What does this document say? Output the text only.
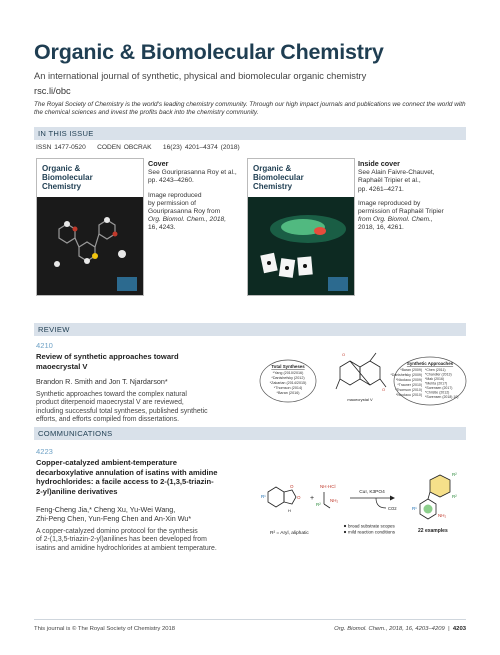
Organic & Biomolecular Chemistry
An international journal of synthetic, physical and biomolecular organic chemistry
rsc.li/obc
The Royal Society of Chemistry is the world's leading chemistry community. Through our high impact journals and publications we connect the world with the chemical sciences and invest the profits back into the chemistry community.
IN THIS ISSUE
ISSN 1477-0520 CODEN OBCRAK 16(23) 4201–4374 (2018)
Organic &
Biomolecular
Chemistry
Cover
See Gouriprasanna Roy et al.,
pp. 4243–4260.
Image reproduced
by permission of
Gouriprasanna Roy from
Org. Biomol. Chem., 2018,
16, 4243.
Organic &
Biomolecular
Chemistry
Inside cover
See Alain Faivre-Chauvet,
Raphaël Tripier et al.,
pp. 4261–4271.
Image reproduced by
permission of Raphaël Tripier
from Org. Biomol. Chem.,
2018, 16, 4261.
REVIEW
4210
Review of synthetic approaches toward
maoecrystal V
Brandon R. Smith and Jon T. Njardarson*
Synthetic approaches toward the complex natural
product diterpenoid maoecrystal V are reviewed,
including successful total syntheses, published synthetic
efforts, and efforts compiled from dissertations.
Total Syntheses
*Yang (2010/2016)
*Danishefsky (2012)
*Zakarian (2014/2015)
*Thomson (2014)
*Baran (2016)
O
O
maoecrystal V
Synthetic Approaches
*Baran (2009)
*Danishefsky (2009)
*Nicolaou (2009)
*Trauner (2010)
*Thomson (2010)
*Nicolaou (2010)
*Chen (2011)
*Chandler (2013)
*Mak (2016)
*Mehta (2017)
*Sorensen (2017)
*Christie (2012)
*Sorensen (2018) 10)
COMMUNICATIONS
4223
Copper-catalyzed ambient-temperature
decarboxylative annulation of isatins with amidine
hydrochlorides: a facile access to 2-(1,3,5-triazin-
2-yl)aniline derivatives
Feng-Cheng Jia,* Cheng Xu, Yu-Wei Wang,
Zhi-Peng Chen, Yun-Feng Chen and An-Xin Wu*
A copper-catalyzed domino protocol for the synthesis
of 2-(1,3,5-triazin-2-yl)anilines has been developed from
isatins and amidine hydrochlorides at ambient temperature.
R¹
O
O
H
+
NH·HCl
R²
NH₂
CuI, K3PO4
CO2
R²
R²
R¹
NH₂
R² = Aryl, aliphatic
broad substrate scopes
mild reaction conditions	22 examples
This journal is © The Royal Society of Chemistry 2018	Org. Biomol. Chem., 2018, 16, 4203–4209 | 4203
